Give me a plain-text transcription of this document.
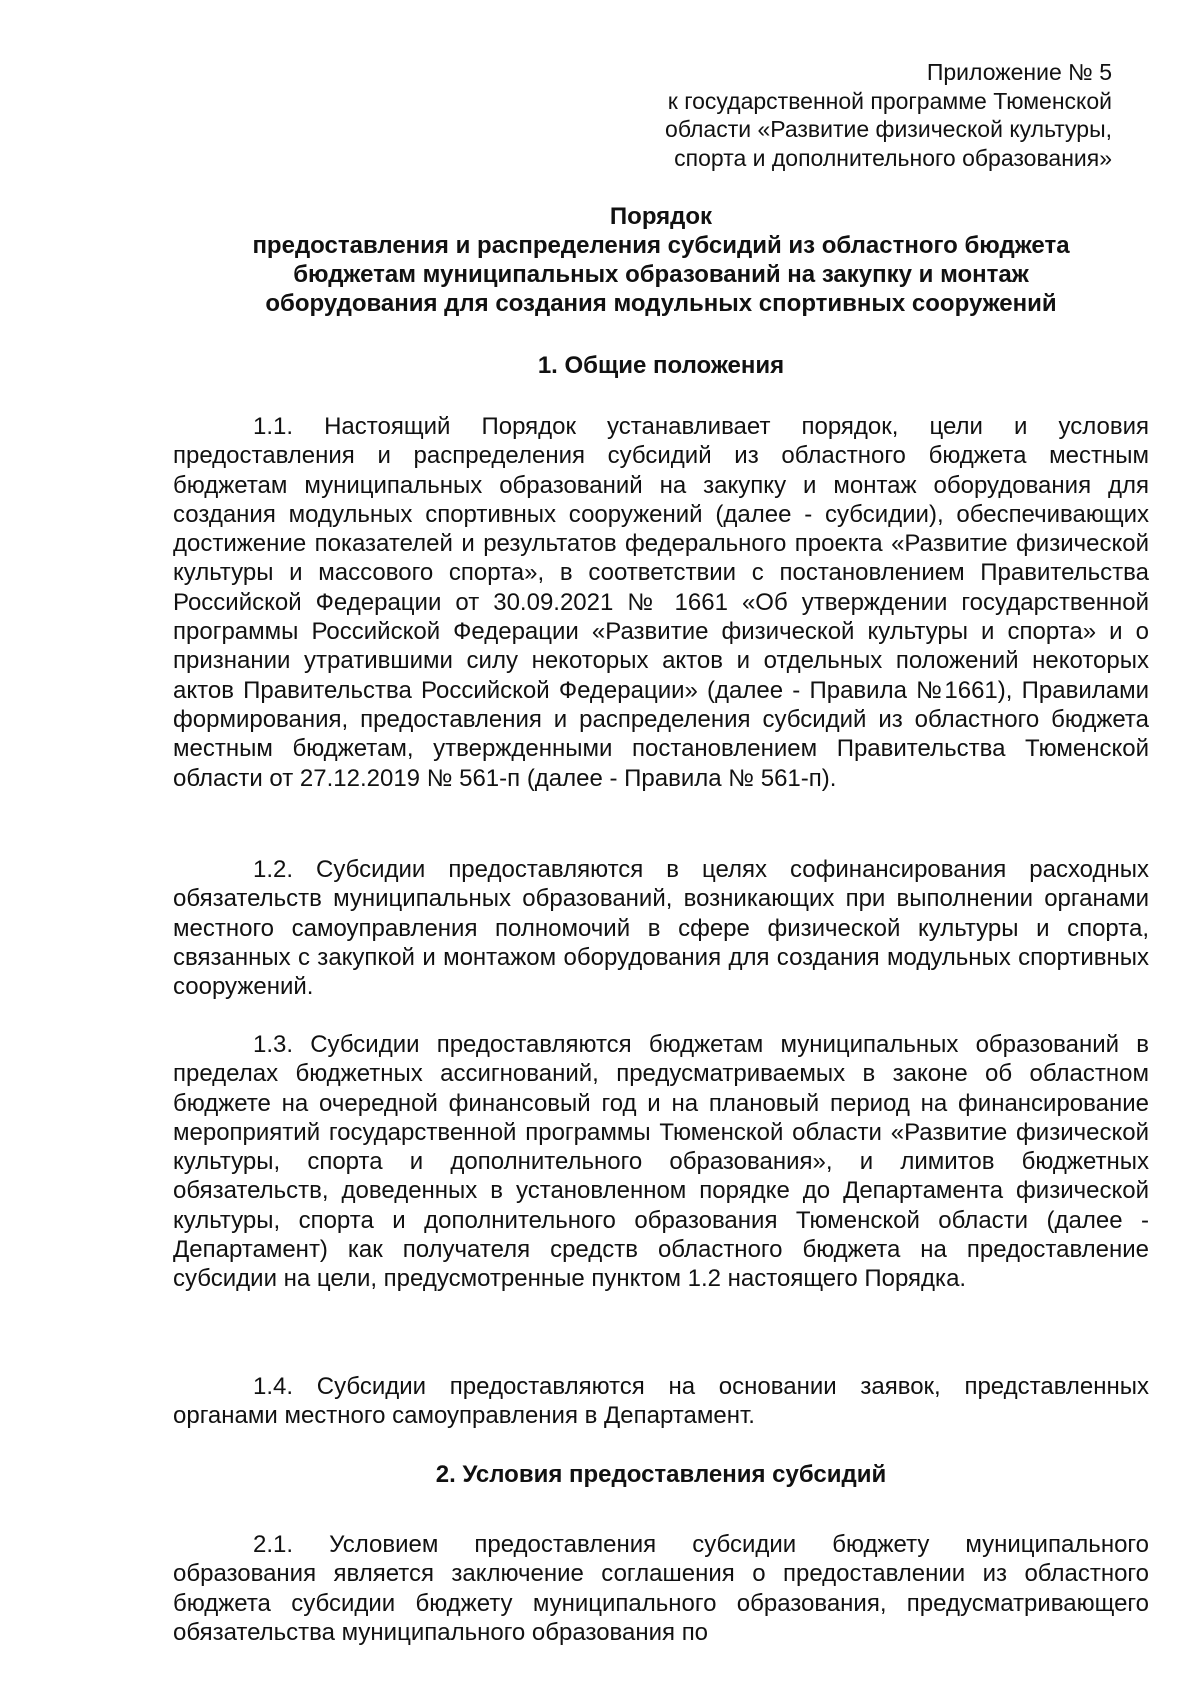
Приложение № 5
к государственной программе Тюменской
области «Развитие физической культуры,
спорта и дополнительного образования»
Порядок
предоставления и распределения субсидий из областного бюджета
бюджетам муниципальных образований на закупку и монтаж
оборудования для создания модульных спортивных сооружений
1. Общие положения
1.1. Настоящий Порядок устанавливает порядок, цели и условия предоставления и распределения субсидий из областного бюджета местным бюджетам муниципальных образований на закупку и монтаж оборудования для создания модульных спортивных сооружений (далее - субсидии), обеспечивающих достижение показателей и результатов федерального проекта «Развитие физической культуры и массового спорта», в соответствии с постановлением Правительства Российской Федерации от 30.09.2021 № 1661 «Об утверждении государственной программы Российской Федерации «Развитие физической культуры и спорта» и о признании утратившими силу некоторых актов и отдельных положений некоторых актов Правительства Российской Федерации» (далее - Правила №1661), Правилами формирования, предоставления и распределения субсидий из областного бюджета местным бюджетам, утвержденными постановлением Правительства Тюменской области от 27.12.2019 № 561-п (далее - Правила № 561-п).
1.2. Субсидии предоставляются в целях софинансирования расходных обязательств муниципальных образований, возникающих при выполнении органами местного самоуправления полномочий в сфере физической культуры и спорта, связанных с закупкой и монтажом оборудования для создания модульных спортивных сооружений.
1.3. Субсидии предоставляются бюджетам муниципальных образований в пределах бюджетных ассигнований, предусматриваемых в законе об областном бюджете на очередной финансовый год и на плановый период на финансирование мероприятий государственной программы Тюменской области «Развитие физической культуры, спорта и дополнительного образования», и лимитов бюджетных обязательств, доведенных в установленном порядке до Департамента физической культуры, спорта и дополнительного образования Тюменской области (далее - Департамент) как получателя средств областного бюджета на предоставление субсидии на цели, предусмотренные пунктом 1.2 настоящего Порядка.
1.4. Субсидии предоставляются на основании заявок, представленных органами местного самоуправления в Департамент.
2. Условия предоставления субсидий
2.1. Условием предоставления субсидии бюджету муниципального образования является заключение соглашения о предоставлении из областного бюджета субсидии бюджету муниципального образования, предусматривающего обязательства муниципального образования по
